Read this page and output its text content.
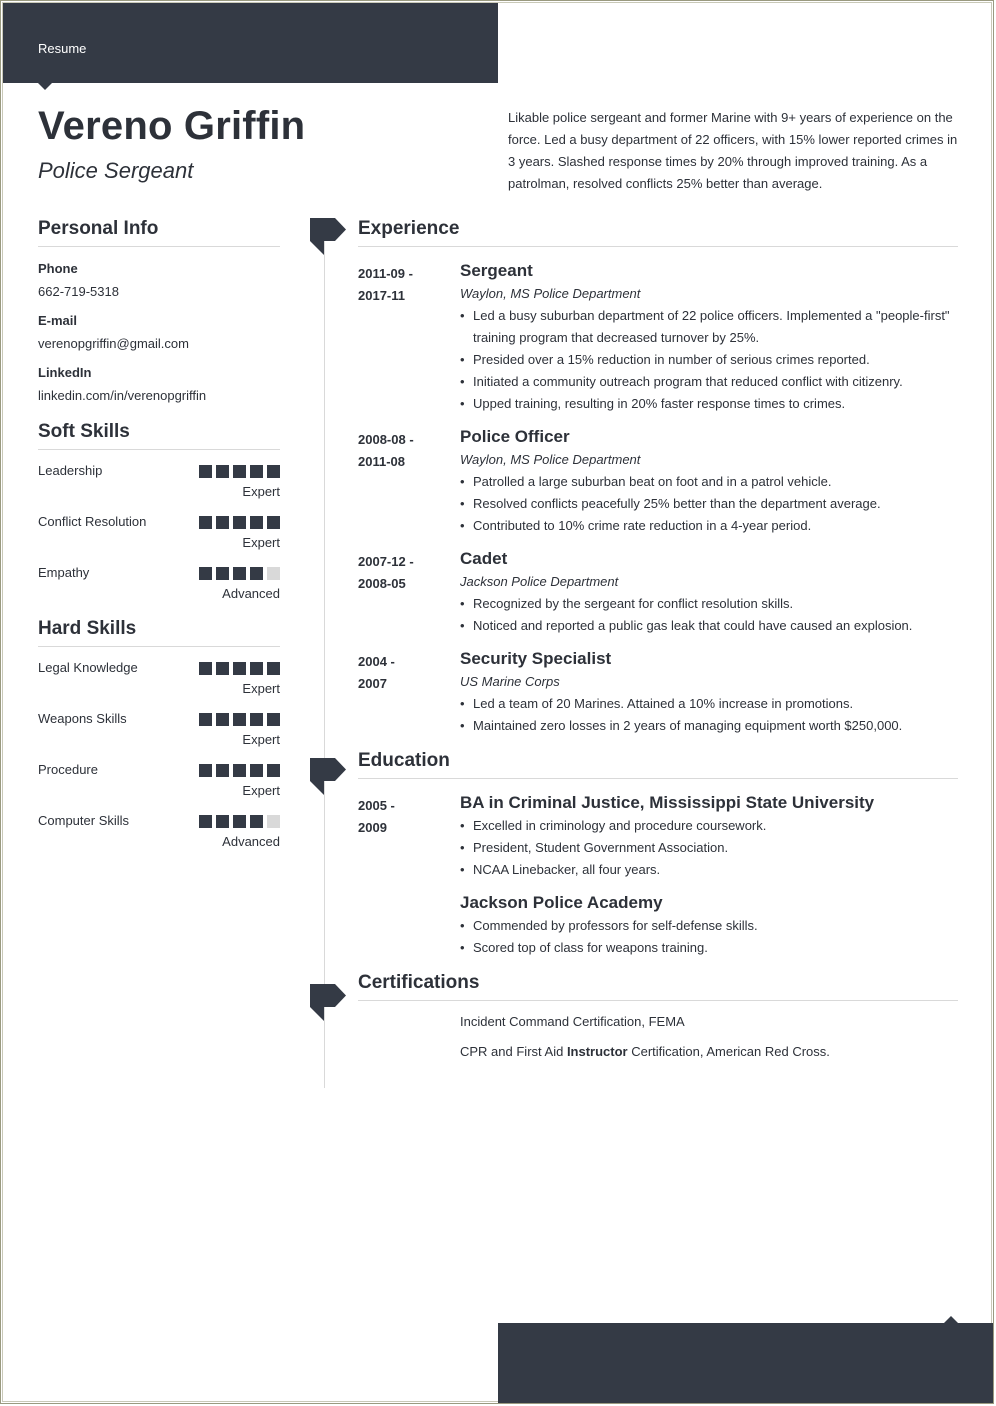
Resume
Vereno Griffin
Police Sergeant

Likable police sergeant and former Marine with 9+ years of experience on the force. Led a busy department of 22 officers, with 15% lower reported crimes in 3 years. Slashed response times by 20% through improved training. As a patrolman, resolved conflicts 25% better than average.

Personal Info
Phone
662-719-5318
E-mail
verenopgriffin@gmail.com
LinkedIn
linkedin.com/in/verenopgriffin
Soft Skills
Leadership
Expert
Conflict Resolution
Expert
Empathy
Advanced
Hard Skills
Legal Knowledge
Expert
Weapons Skills
Expert
Procedure
Expert
Computer Skills
Advanced
Experience
2011-09 -
2017-11
Sergeant
Waylon, MS Police Department
• Led a busy suburban department of 22 police officers. Implemented a "people-first" training program that decreased turnover by 25%.
• Presided over a 15% reduction in number of serious crimes reported.
• Initiated a community outreach program that reduced conflict with citizenry.
• Upped training, resulting in 20% faster response times to crimes.
2008-08 -
2011-08
Police Officer
Waylon, MS Police Department
• Patrolled a large suburban beat on foot and in a patrol vehicle.
• Resolved conflicts peacefully 25% better than the department average.
• Contributed to 10% crime rate reduction in a 4-year period.
2007-12 -
2008-05
Cadet
Jackson Police Department
• Recognized by the sergeant for conflict resolution skills.
• Noticed and reported a public gas leak that could have caused an explosion.
2004 -
2007
Security Specialist
US Marine Corps
• Led a team of 20 Marines. Attained a 10% increase in promotions.
• Maintained zero losses in 2 years of managing equipment worth $250,000.
Education
2005 -
2009
BA in Criminal Justice, Mississippi State University
• Excelled in criminology and procedure coursework.
• President, Student Government Association.
• NCAA Linebacker, all four years.
Jackson Police Academy
• Commended by professors for self-defense skills.
• Scored top of class for weapons training.
Certifications
Incident Command Certification, FEMA
CPR and First Aid Instructor Certification, American Red Cross.
